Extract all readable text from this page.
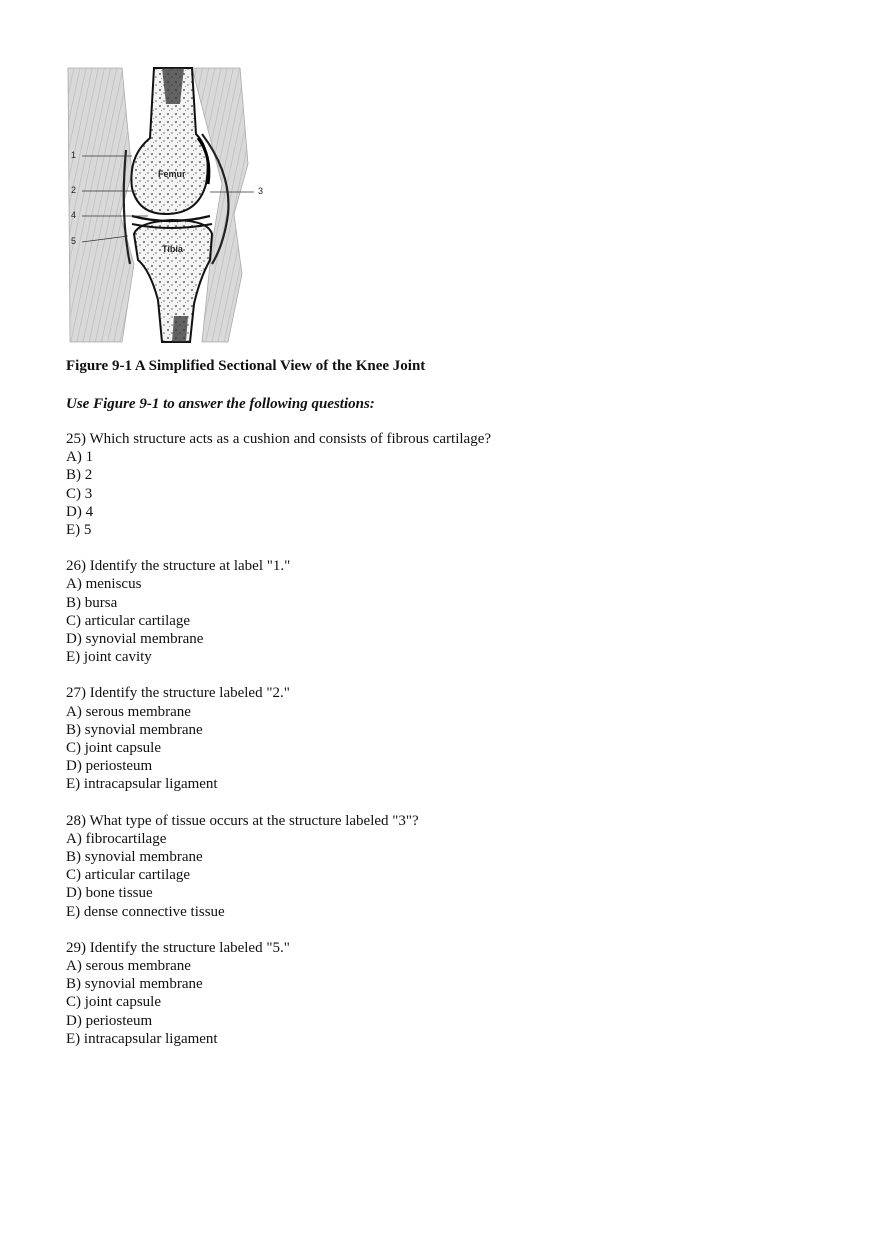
Femur
Tibia
1
2	3
4
5
Figure 9-1 A Simplified Sectional View of the Knee Joint
Use Figure 9-1 to answer the following questions:
25) Which structure acts as a cushion and consists of fibrous cartilage?
A) 1
B) 2
C) 3
D) 4
E) 5
26) Identify the structure at label "1."
A) meniscus
B) bursa
C) articular cartilage
D) synovial membrane
E) joint cavity
27) Identify the structure labeled "2."
A) serous membrane
B) synovial membrane
C) joint capsule
D) periosteum
E) intracapsular ligament
28) What type of tissue occurs at the structure labeled "3"?
A) fibrocartilage
B) synovial membrane
C) articular cartilage
D) bone tissue
E) dense connective tissue
29) Identify the structure labeled "5."
A) serous membrane
B) synovial membrane
C) joint capsule
D) periosteum
E) intracapsular ligament
